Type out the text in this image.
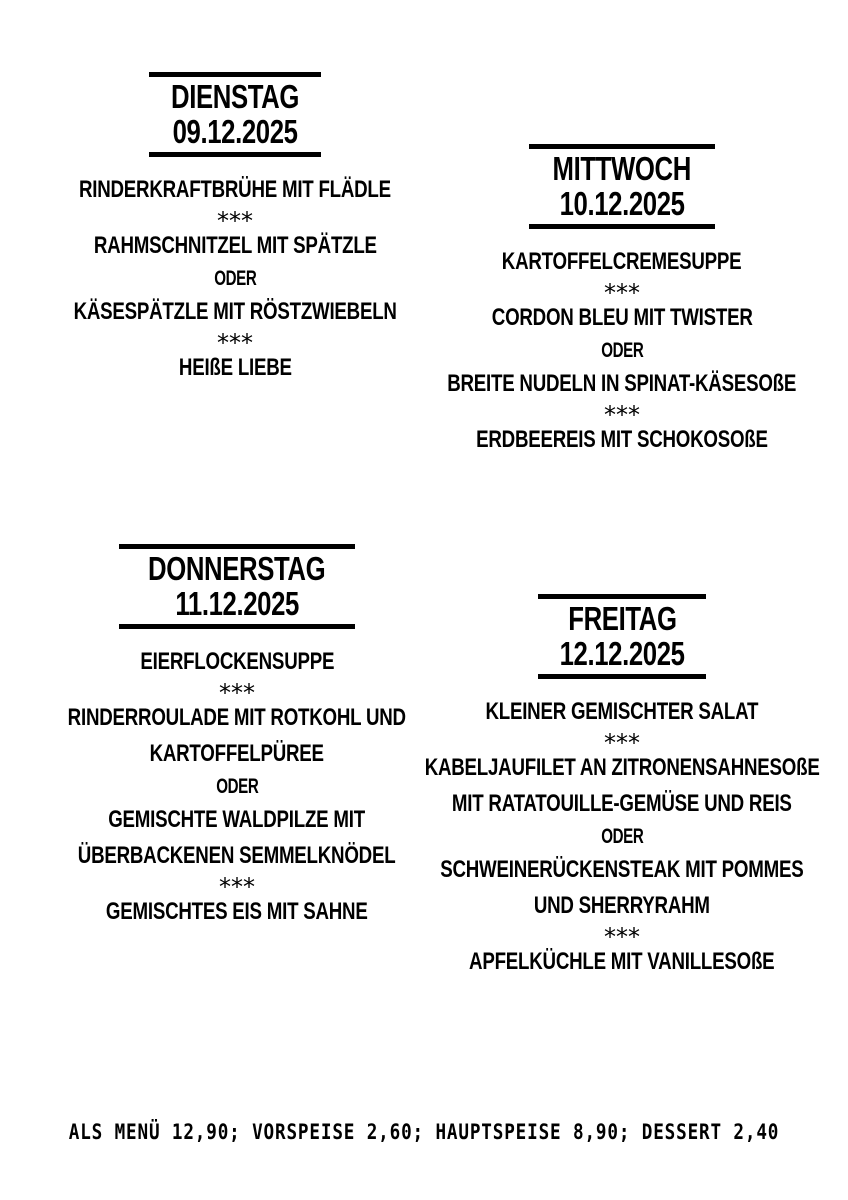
DIENSTAG
09.12.2025
RINDERKRAFTBRÜHE MIT FLÄDLE
***
RAHMSCHNITZEL MIT SPÄTZLE
ODER
KÄSESPÄTZLE MIT RÖSTZWIEBELN
***
HEIßE LIEBE
MITTWOCH
10.12.2025
KARTOFFELCREMESUPPE
***
CORDON BLEU MIT TWISTER
ODER
BREITE NUDELN IN SPINAT-KÄSESOßE
***
ERDBEEREIS MIT SCHOKOSOßE
DONNERSTAG
11.12.2025
EIERFLOCKENSUPPE
***
RINDERROULADE MIT ROTKOHL UND
KARTOFFELPÜREE
ODER
GEMISCHTE WALDPILZE MIT
ÜBERBACKENEN SEMMELKNÖDEL
***
GEMISCHTES EIS MIT SAHNE
FREITAG
12.12.2025
KLEINER GEMISCHTER SALAT
***
KABELJAUFILET AN ZITRONENSAHNESOßE
MIT RATATOUILLE-GEMÜSE UND REIS
ODER
SCHWEINERÜCKENSTEAK MIT POMMES
UND SHERRYRAHM
***
APFELKÜCHLE MIT VANILLESOßE
ALS MENÜ 12,90; VORSPEISE 2,60; HAUPTSPEISE 8,90; DESSERT 2,40
